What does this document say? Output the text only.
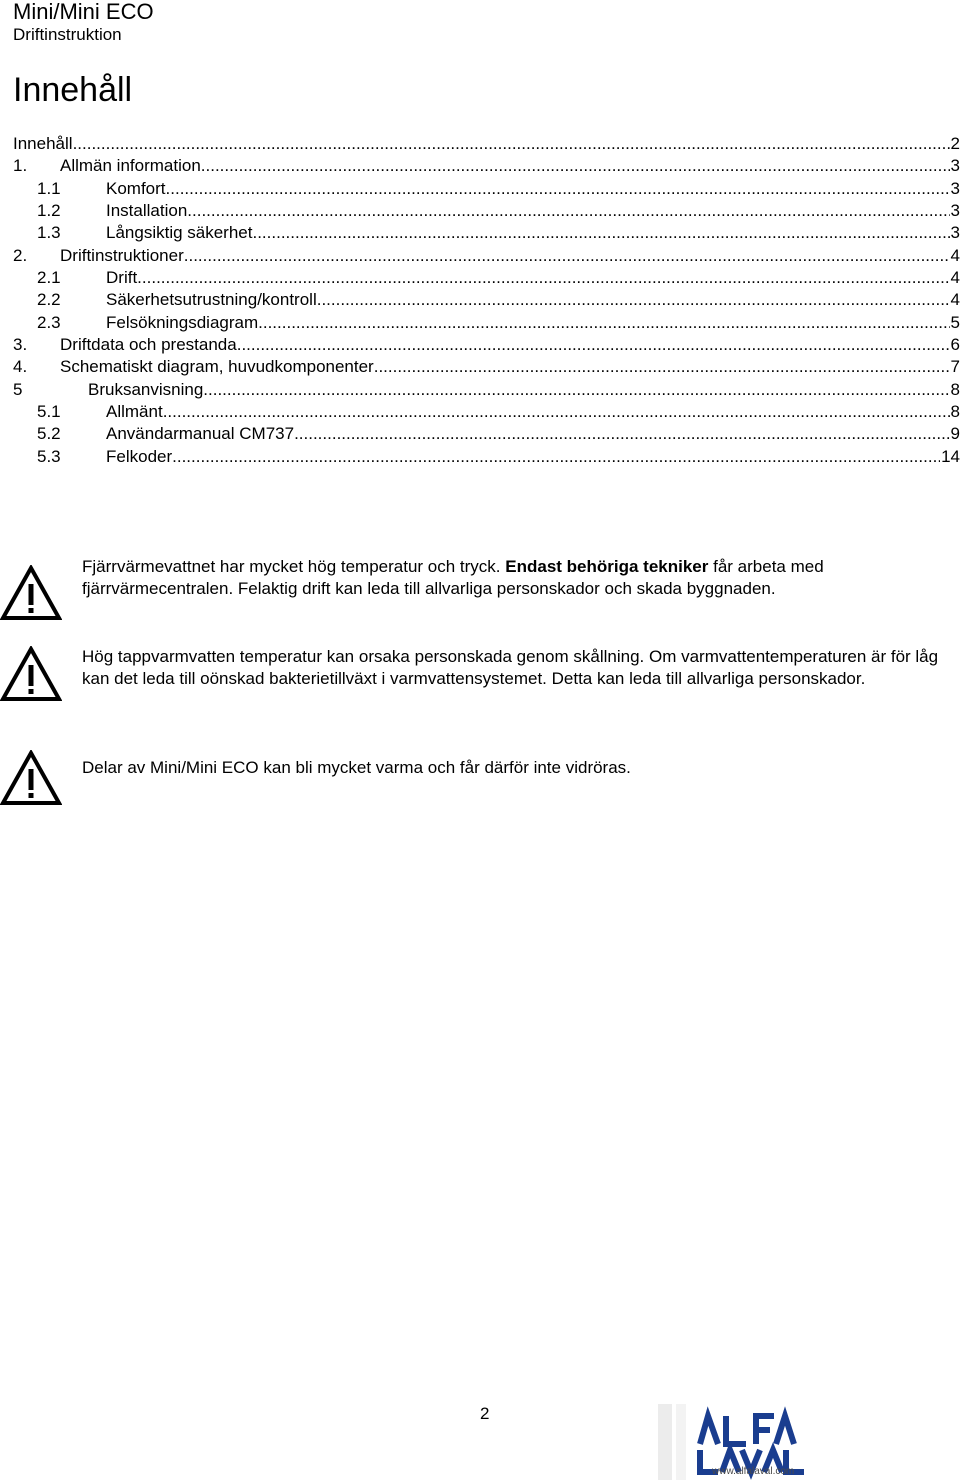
Mini/Mini ECO
Driftinstruktion
Innehåll
Innehåll .....	2
1. Allmän information .....	3
1.1	Komfort .....	3
1.2	Installation .....	3
1.3	Långsiktig säkerhet .....	3
2. Driftinstruktioner .....	4
2.1	Drift .....	4
2.2	Säkerhetsutrustning/kontroll .....	4
2.3	Felsökningsdiagram .....	5
3. Driftdata och prestanda .....	6
4. Schematiskt diagram, huvudkomponenter .....	7
5	Bruksanvisning .....	8
5.1	Allmänt .....	8
5.2	Användarmanual CM737 .....	9
5.3	Felkoder .....	14

Fjärrvärmevattnet har mycket hög temperatur och tryck. Endast behöriga tekniker får arbeta med fjärrvärmecentralen. Felaktig drift kan leda till allvarliga personskador och skada byggnaden.

Hög tappvarmvatten temperatur kan orsaka personskada genom skållning. Om varmvattentemperaturen är för låg kan det leda till oönskad bakterietillväxt i varmvattensystemet. Detta kan leda till allvarliga personskador.

Delar av Mini/Mini ECO kan bli mycket varma och får därför inte vidröras.

2
www.alfalaval.com
